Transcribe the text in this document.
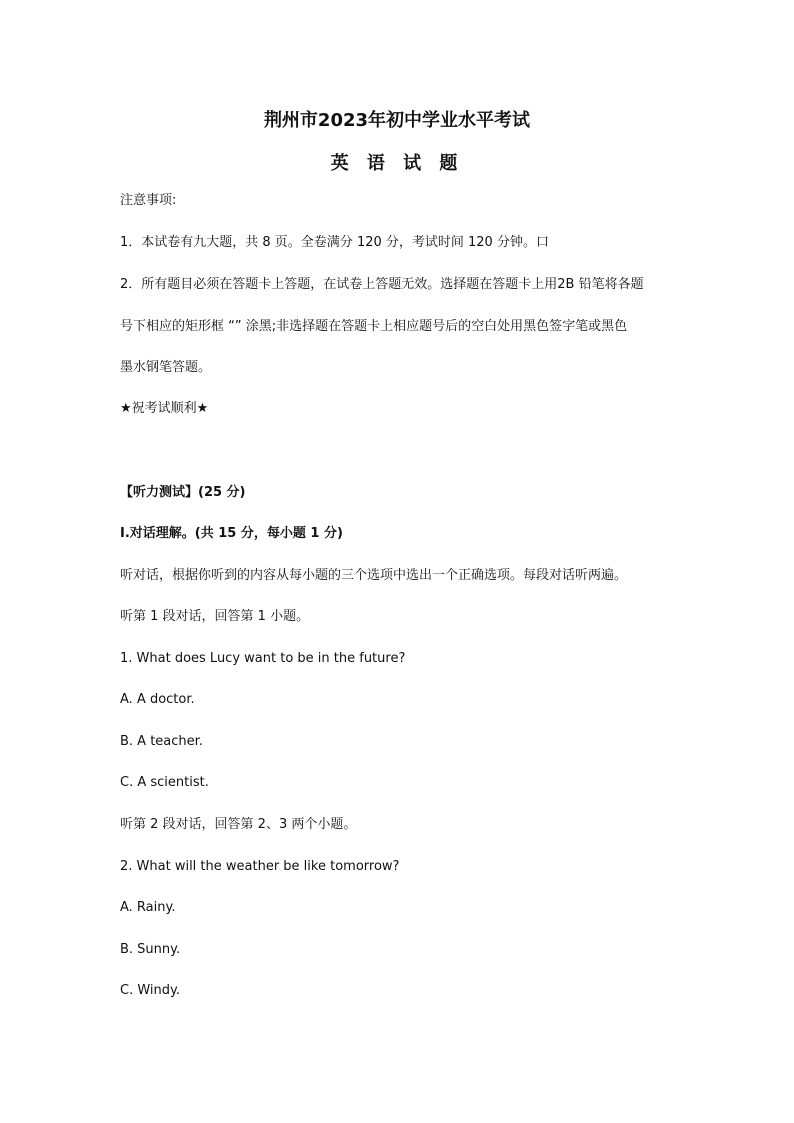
荆州市2023年初中学业水平考试
英 语 试 题
注意事项:
1．本试卷有九大题，共 8 页。全卷满分 120 分，考试时间 120 分钟。口
2．所有题目必须在答题卡上答题，在试卷上答题无效。选择题在答题卡上用2B 铅笔将各题
号下相应的矩形框 “” 涂黑;非选择题在答题卡上相应题号后的空白处用黑色签字笔或黑色
墨水钢笔答题。
★祝考试顺利★
【听力测试】(25 分)
Ⅰ.对话理解。(共 15 分，每小题 1 分)
听对话，根据你听到的内容从每小题的三个选项中选出一个正确选项。每段对话听两遍。
听第 1 段对话，回答第 1 小题。
1. What does Lucy want to be in the future?
A. A doctor.
B. A teacher.
C. A scientist.
听第 2 段对话，回答第 2、3 两个小题。
2. What will the weather be like tomorrow?
A. Rainy.
B. Sunny.
C. Windy.
